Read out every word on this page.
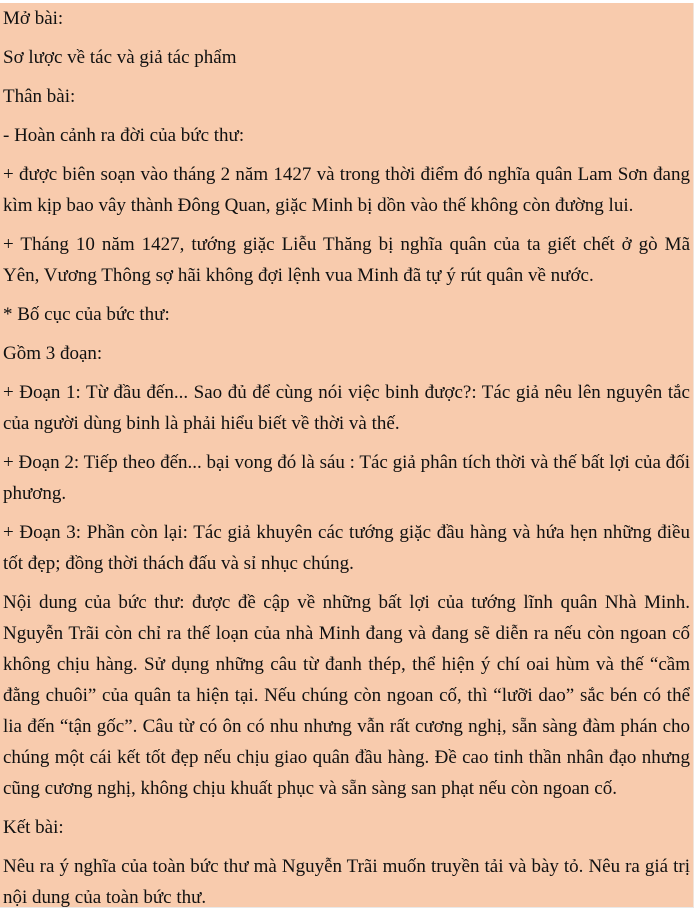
Mở bài:

Sơ lược về tác và giả tác phẩm

Thân bài:

- Hoàn cảnh ra đời của bức thư:

+ được biên soạn vào tháng 2 năm 1427 và trong thời điểm đó nghĩa quân Lam Sơn đang kìm kịp bao vây thành Đông Quan, giặc Minh bị dồn vào thế không còn đường lui.

+ Tháng 10 năm 1427, tướng giặc Liễu Thăng bị nghĩa quân của ta giết chết ở gò Mã Yên, Vương Thông sợ hãi không đợi lệnh vua Minh đã tự ý rút quân về nước.

* Bố cục của bức thư:

Gồm 3 đoạn:

+ Đoạn 1: Từ đầu đến... Sao đủ để cùng nói việc binh được?: Tác giả nêu lên nguyên tắc của người dùng binh là phải hiểu biết về thời và thế.

+ Đoạn 2: Tiếp theo đến... bại vong đó là sáu : Tác giả phân tích thời và thế bất lợi của đối phương.

+ Đoạn 3: Phần còn lại: Tác giả khuyên các tướng giặc đầu hàng và hứa hẹn những điều tốt đẹp; đồng thời thách đấu và sỉ nhục chúng.

Nội dung của bức thư: được đề cập về những bất lợi của tướng lĩnh quân Nhà Minh. Nguyễn Trãi còn chỉ ra thế loạn của nhà Minh đang và đang sẽ diễn ra nếu còn ngoan cố không chịu hàng. Sử dụng những câu từ đanh thép, thể hiện ý chí oai hùm và thế “cầm đằng chuôi” của quân ta hiện tại. Nếu chúng còn ngoan cố, thì “lưỡi dao” sắc bén có thể lia đến “tận gốc”. Câu từ có ôn có nhu nhưng vẫn rất cương nghị, sẵn sàng đàm phán cho chúng một cái kết tốt đẹp nếu chịu giao quân đầu hàng. Đề cao tinh thần nhân đạo nhưng cũng cương nghị, không chịu khuất phục và sẵn sàng san phạt nếu còn ngoan cố.

Kết bài:

Nêu ra ý nghĩa của toàn bức thư mà Nguyễn Trãi muốn truyền tải và bày tỏ. Nêu ra giá trị nội dung của toàn bức thư.
